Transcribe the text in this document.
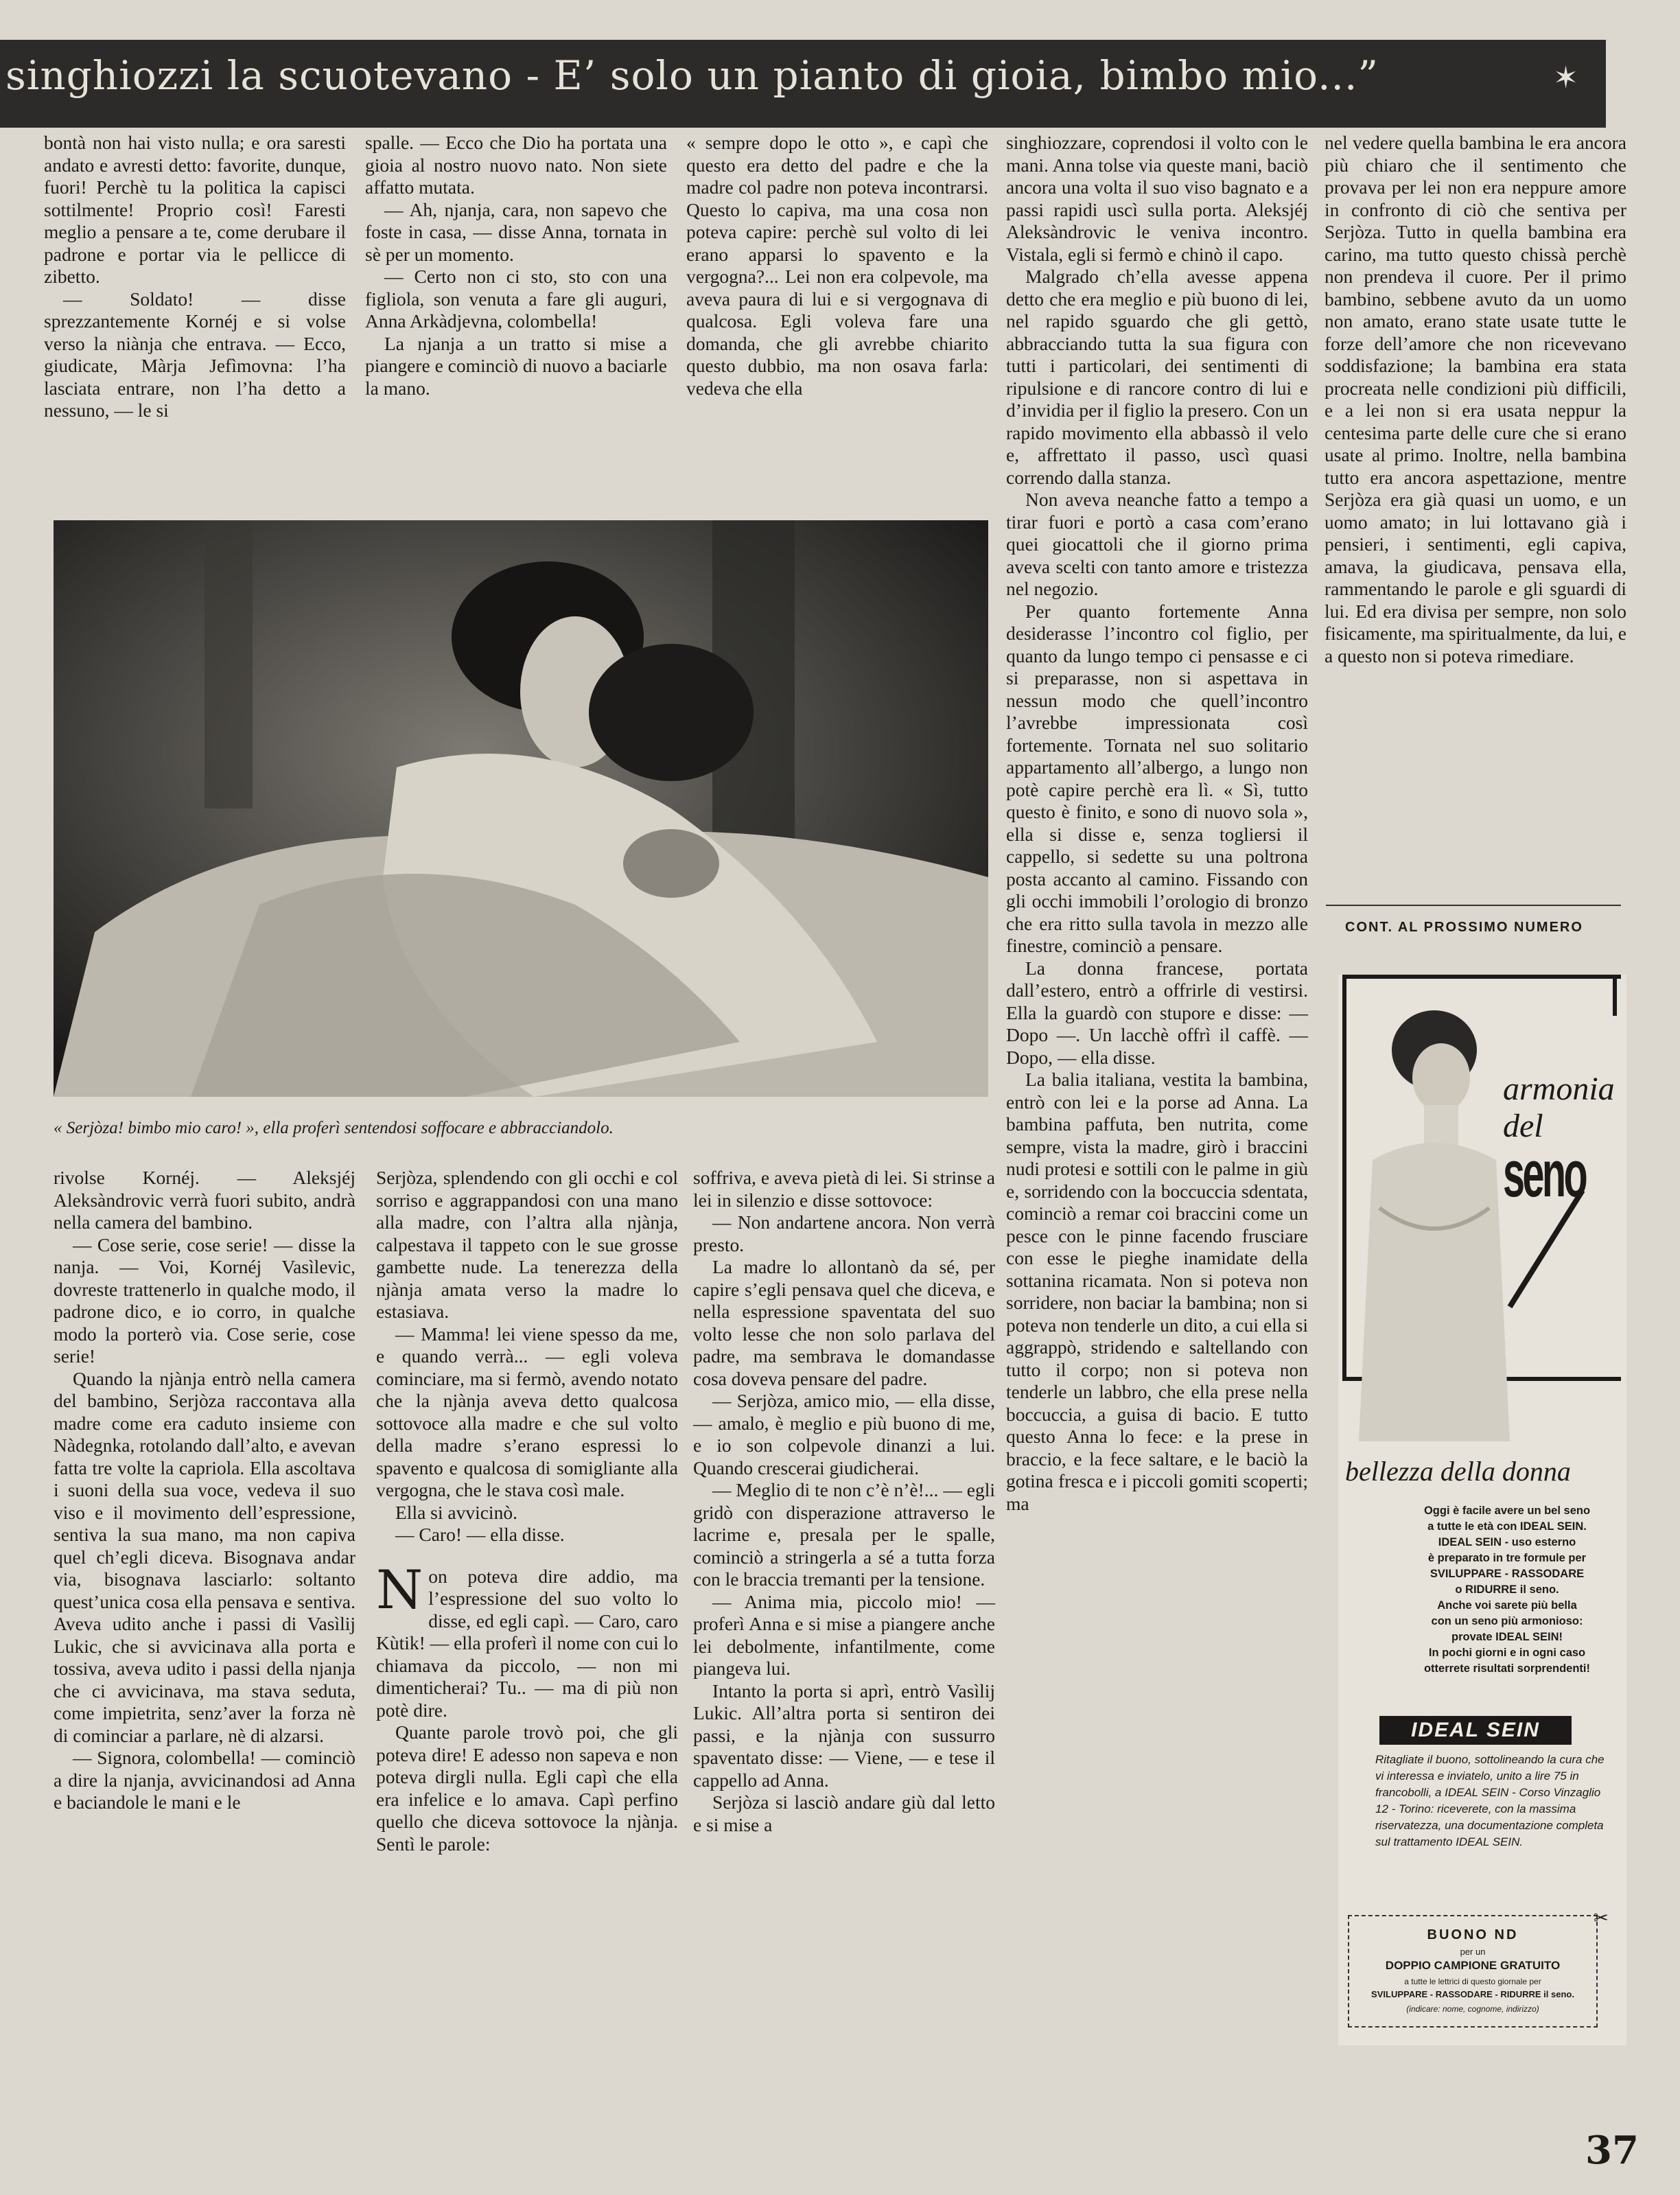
singhiozzi la scuotevano - E’ solo un pianto di gioia, bimbo mio...”	✶

bontà non hai visto nulla; e ora saresti andato e avresti detto: favorite, dunque, fuori! Perchè tu la politica la capisci sottilmente! Proprio così! Faresti meglio a pensare a te, come derubare il padrone e portar via le pellicce di zibetto.

— Soldato! — disse sprezzantemente Kornéj e si volse verso la niànja che entrava. — Ecco, giudicate, Màrja Jefìmovna: l’ha lasciata entrare, non l’ha detto a nessuno, — le si

spalle. — Ecco che Dio ha portata una gioia al nostro nuovo nato. Non siete affatto mutata.

— Ah, njanja, cara, non sapevo che foste in casa, — disse Anna, tornata in sè per un momento.

— Certo non ci sto, sto con una figliola, son venuta a fare gli auguri, Anna Arkàdjevna, colombella!

La njanja a un tratto si mise a piangere e cominciò di nuovo a baciarle la mano.

« sempre dopo le otto », e capì che questo era detto del padre e che la madre col padre non poteva incontrarsi. Questo lo capiva, ma una cosa non poteva capire: perchè sul volto di lei erano apparsi lo spavento e la vergogna?... Lei non era colpevole, ma aveva paura di lui e si vergognava di qualcosa. Egli voleva fare una domanda, che gli avrebbe chiarito questo dubbio, ma non osava farla: vedeva che ella

singhiozzare, coprendosi il volto con le mani. Anna tolse via queste mani, baciò ancora una volta il suo viso bagnato e a passi rapidi uscì sulla porta. Aleksjéj Aleksàndrovic le veniva incontro. Vistala, egli si fermò e chinò il capo.

Malgrado ch’ella avesse appena detto che era meglio e più buono di lei, nel rapido sguardo che gli gettò, abbracciando tutta la sua figura con tutti i particolari, dei sentimenti di ripulsione e di rancore contro di lui e d’invidia per il figlio la presero. Con un rapido movimento ella abbassò il velo e, affrettato il passo, uscì quasi correndo dalla stanza.

Non aveva neanche fatto a tempo a tirar fuori e portò a casa com’erano quei giocattoli che il giorno prima aveva scelti con tanto amore e tristezza nel negozio.

Per quanto fortemente Anna desiderasse l’incontro col figlio, per quanto da lungo tempo ci pensasse e ci si preparasse, non si aspettava in nessun modo che quell’incontro l’avrebbe impressionata così fortemente. Tornata nel suo solitario appartamento all’albergo, a lungo non potè capire perchè era lì. « Sì, tutto questo è finito, e sono di nuovo sola », ella si disse e, senza togliersi il cappello, si sedette su una poltrona posta accanto al camino. Fissando con gli occhi immobili l’orologio di bronzo che era ritto sulla tavola in mezzo alle finestre, cominciò a pensare.

La donna francese, portata dall’estero, entrò a offrirle di vestirsi. Ella la guardò con stupore e disse: — Dopo —. Un lacchè offrì il caffè. — Dopo, — ella disse.

La balia italiana, vestita la bambina, entrò con lei e la porse ad Anna. La bambina paffuta, ben nutrita, come sempre, vista la madre, girò i braccini nudi protesi e sottili con le palme in giù e, sorridendo con la boccuccia sdentata, cominciò a remar coi braccini come un pesce con le pinne facendo frusciare con esse le pieghe inamidate della sottanina ricamata. Non si poteva non sorridere, non baciar la bambina; non si poteva non tenderle un dito, a cui ella si aggrappò, stridendo e saltellando con tutto il corpo; non si poteva non tenderle un labbro, che ella prese nella boccuccia, a guisa di bacio. E tutto questo Anna lo fece: e la prese in braccio, e la fece saltare, e le baciò la gotina fresca e i piccoli gomiti scoperti; ma

nel vedere quella bambina le era ancora più chiaro che il sentimento che provava per lei non era neppure amore in confronto di ciò che sentiva per Serjòza. Tutto in quella bambina era carino, ma tutto questo chissà perchè non prendeva il cuore. Per il primo bambino, sebbene avuto da un uomo non amato, erano state usate tutte le forze dell’amore che non ricevevano soddisfazione; la bambina era stata procreata nelle condizioni più difficili, e a lei non si era usata neppur la centesima parte delle cure che si erano usate al primo. Inoltre, nella bambina tutto era ancora aspettazione, mentre Serjòza era già quasi un uomo, e un uomo amato; in lui lottavano già i pensieri, i sentimenti, egli capiva, amava, la giudicava, pensava ella, rammentando le parole e gli sguardi di lui. Ed era divisa per sempre, non solo fisicamente, ma spiritualmente, da lui, e a questo non si poteva rimediare.

CONT. AL PROSSIMO NUMERO
« Serjòza! bimbo mio caro! », ella proferì sentendosi soffocare e abbracciandolo.

rivolse Kornéj. — Aleksjéj Aleksàndrovic verrà fuori subito, andrà nella camera del bambino.

— Cose serie, cose serie! — disse la nanja. — Voi, Kornéj Vasìlevic, dovreste trattenerlo in qualche modo, il padrone dico, e io corro, in qualche modo la porterò via. Cose serie, cose serie!

Quando la njànja entrò nella camera del bambino, Serjòza raccontava alla madre come era caduto insieme con Nàdegnka, rotolando dall’alto, e avevan fatta tre volte la capriola. Ella ascoltava i suoni della sua voce, vedeva il suo viso e il movimento dell’espressione, sentiva la sua mano, ma non capiva quel ch’egli diceva. Bisognava andar via, bisognava lasciarlo: soltanto quest’unica cosa ella pensava e sentiva. Aveva udito anche i passi di Vasìlij Lukic, che si avvicinava alla porta e tossiva, aveva udito i passi della njanja che ci avvicinava, ma stava seduta, come impietrita, senz’aver la forza nè di cominciar a parlare, nè di alzarsi.

— Signora, colombella! — cominciò a dire la njanja, avvicinandosi ad Anna e baciandole le mani e le

Serjòza, splendendo con gli occhi e col sorriso e aggrappandosi con una mano alla madre, con l’altra alla njànja, calpestava il tappeto con le sue grosse gambette nude. La tenerezza della njànja amata verso la madre lo estasiava.

— Mamma! lei viene spesso da me, e quando verrà... — egli voleva cominciare, ma si fermò, avendo notato che la njànja aveva detto qualcosa sottovoce alla madre e che sul volto della madre s’erano espressi lo spavento e qualcosa di somigliante alla vergogna, che le stava così male.

Ella si avvicinò.

— Caro! — ella disse.

Non poteva dire addio, ma l’espressione del suo volto lo disse, ed egli capì. — Caro, caro Kùtik! — ella proferì il nome con cui lo chiamava da piccolo, — non mi dimenticherai? Tu.. — ma di più non potè dire.

Quante parole trovò poi, che gli poteva dire! E adesso non sapeva e non poteva dirgli nulla. Egli capì che ella era infelice e lo amava. Capì perfino quello che diceva sottovoce la njànja. Sentì le parole:

soffriva, e aveva pietà di lei. Si strinse a lei in silenzio e disse sottovoce:

— Non andartene ancora. Non verrà presto.

La madre lo allontanò da sé, per capire s’egli pensava quel che diceva, e nella espressione spaventata del suo volto lesse che non solo parlava del padre, ma sembrava le domandasse cosa doveva pensare del padre.

— Serjòza, amico mio, — ella disse, — amalo, è meglio e più buono di me, e io son colpevole dinanzi a lui. Quando crescerai giudicherai.

— Meglio di te non c’è n’è!... — egli gridò con disperazione attraverso le lacrime e, presala per le spalle, cominciò a stringerla a sé a tutta forza con le braccia tremanti per la tensione.

— Anima mia, piccolo mio! — proferì Anna e si mise a piangere anche lei debolmente, infantilmente, come piangeva lui.

Intanto la porta si aprì, entrò Vasìlij Lukic. All’altra porta si sentiron dei passi, e la njànja con sussurro spaventato disse: — Viene, — e tese il cappello ad Anna.

Serjòza si lasciò andare giù dal letto e si mise a

armonia
del
seno
bellezza della donna
Oggi è facile avere un bel seno
a tutte le età con IDEAL SEIN.
IDEAL SEIN - uso esterno
è preparato in tre formule per
SVILUPPARE - RASSODARE
o RIDURRE il seno.
Anche voi sarete più bella
con un seno più armonioso:
provate IDEAL SEIN!
In pochi giorni e in ogni caso
otterrete risultati sorprendenti!
IDEAL SEIN
Ritagliate il buono, sottolineando la cura che vi interessa e inviatelo, unito a lire 75 in francobolli, a IDEAL SEIN - Corso Vinzaglio 12 - Torino: riceverete, con la massima riservatezza, una documentazione completa sul trattamento IDEAL SEIN.
BUONO ND
per un
DOPPIO CAMPIONE GRATUITO
a tutte le lettrici di questo giornale per
SVILUPPARE - RASSODARE - RIDURRE il seno.
(indicare: nome, cognome, indirizzo)
✂
37
